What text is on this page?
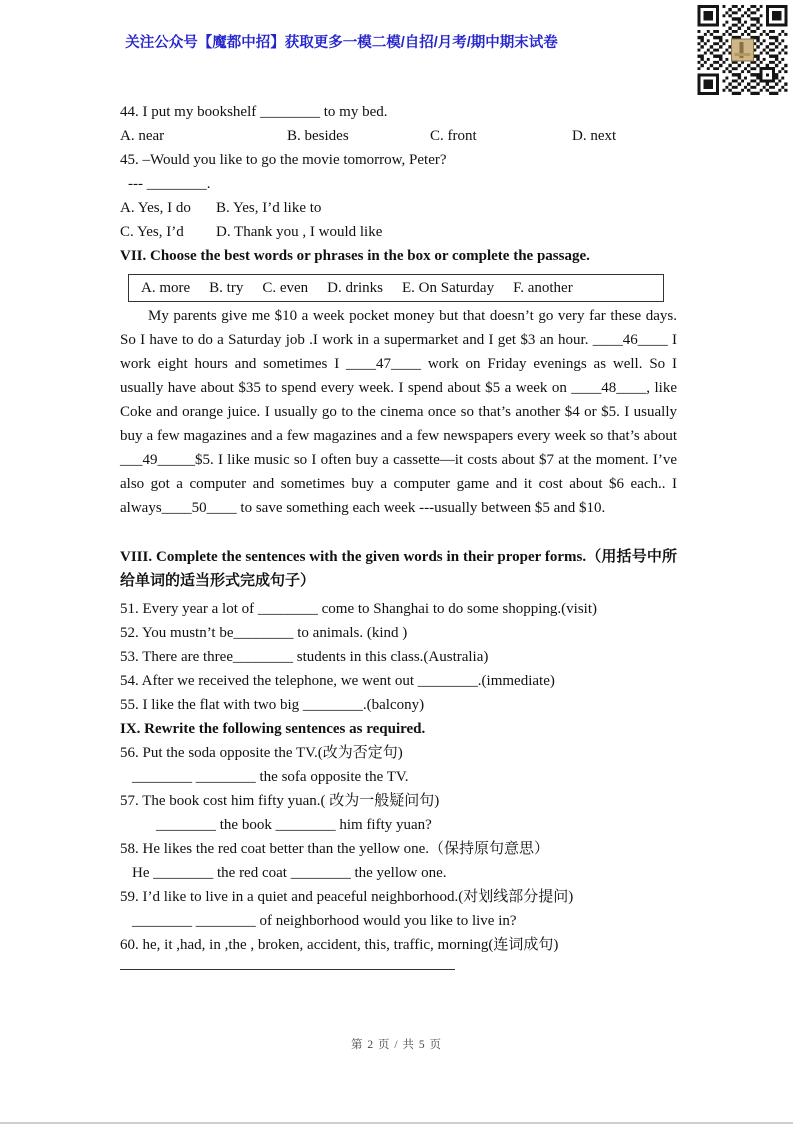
关注公众号【魔都中招】获取更多一模二模/自招/月考/期中期末试卷
44. I put my bookshelf ________ to my bed.
A. near	B. besides	C. front	D. next
45. –Would you like to go the movie tomorrow, Peter?
--- ________.
A. Yes, I do	B. Yes, I’d like to
C. Yes, I’d	D. Thank you , I would like
VII. Choose the best words or phrases in the box or complete the passage.
A. more B. try C. even D. drinks E. On Saturday F. another
My parents give me $10 a week pocket money but that doesn’t go very far these days. So I have to do a Saturday job .I work in a supermarket and I get $3 an hour. ____46____ I work eight hours and sometimes I ____47____ work on Friday evenings as well. So I usually have about $35 to spend every week. I spend about $5 a week on ____48____, like Coke and orange juice. I usually go to the cinema once so that’s another $4 or $5. I usually buy a few magazines and a few magazines and a few newspapers every week so that’s about ___49_____$5. I like music so I often buy a cassette—it costs about $7 at the moment. I’ve also got a computer and sometimes buy a computer game and it cost about $6 each.. I always____50____ to save something each week ---usually between $5 and $10.
VIII. Complete the sentences with the given words in their proper forms.（用括号中所给单词的适当形式完成句子）
51. Every year a lot of ________ come to Shanghai to do some shopping.(visit)
52. You mustn’t be________ to animals. (kind )
53. There are three________ students in this class.(Australia)
54. After we received the telephone, we went out ________.(immediate)
55. I like the flat with two big ________.(balcony)
IX. Rewrite the following sentences as required.
56. Put the soda opposite the TV.(改为否定句)
________ ________ the sofa opposite the TV.
57. The book cost him fifty yuan.( 改为一般疑问句)
________ the book ________ him fifty yuan?
58. He likes the red coat better than the yellow one.（保持原句意思）
He ________ the red coat ________ the yellow one.
59. I’d like to live in a quiet and peaceful neighborhood.(对划线部分提问)
________ ________ of neighborhood would you like to live in?
60. he, it ,had, in ,the , broken, accident, this, traffic, morning(连词成句)
第 2 页 / 共 5 页
